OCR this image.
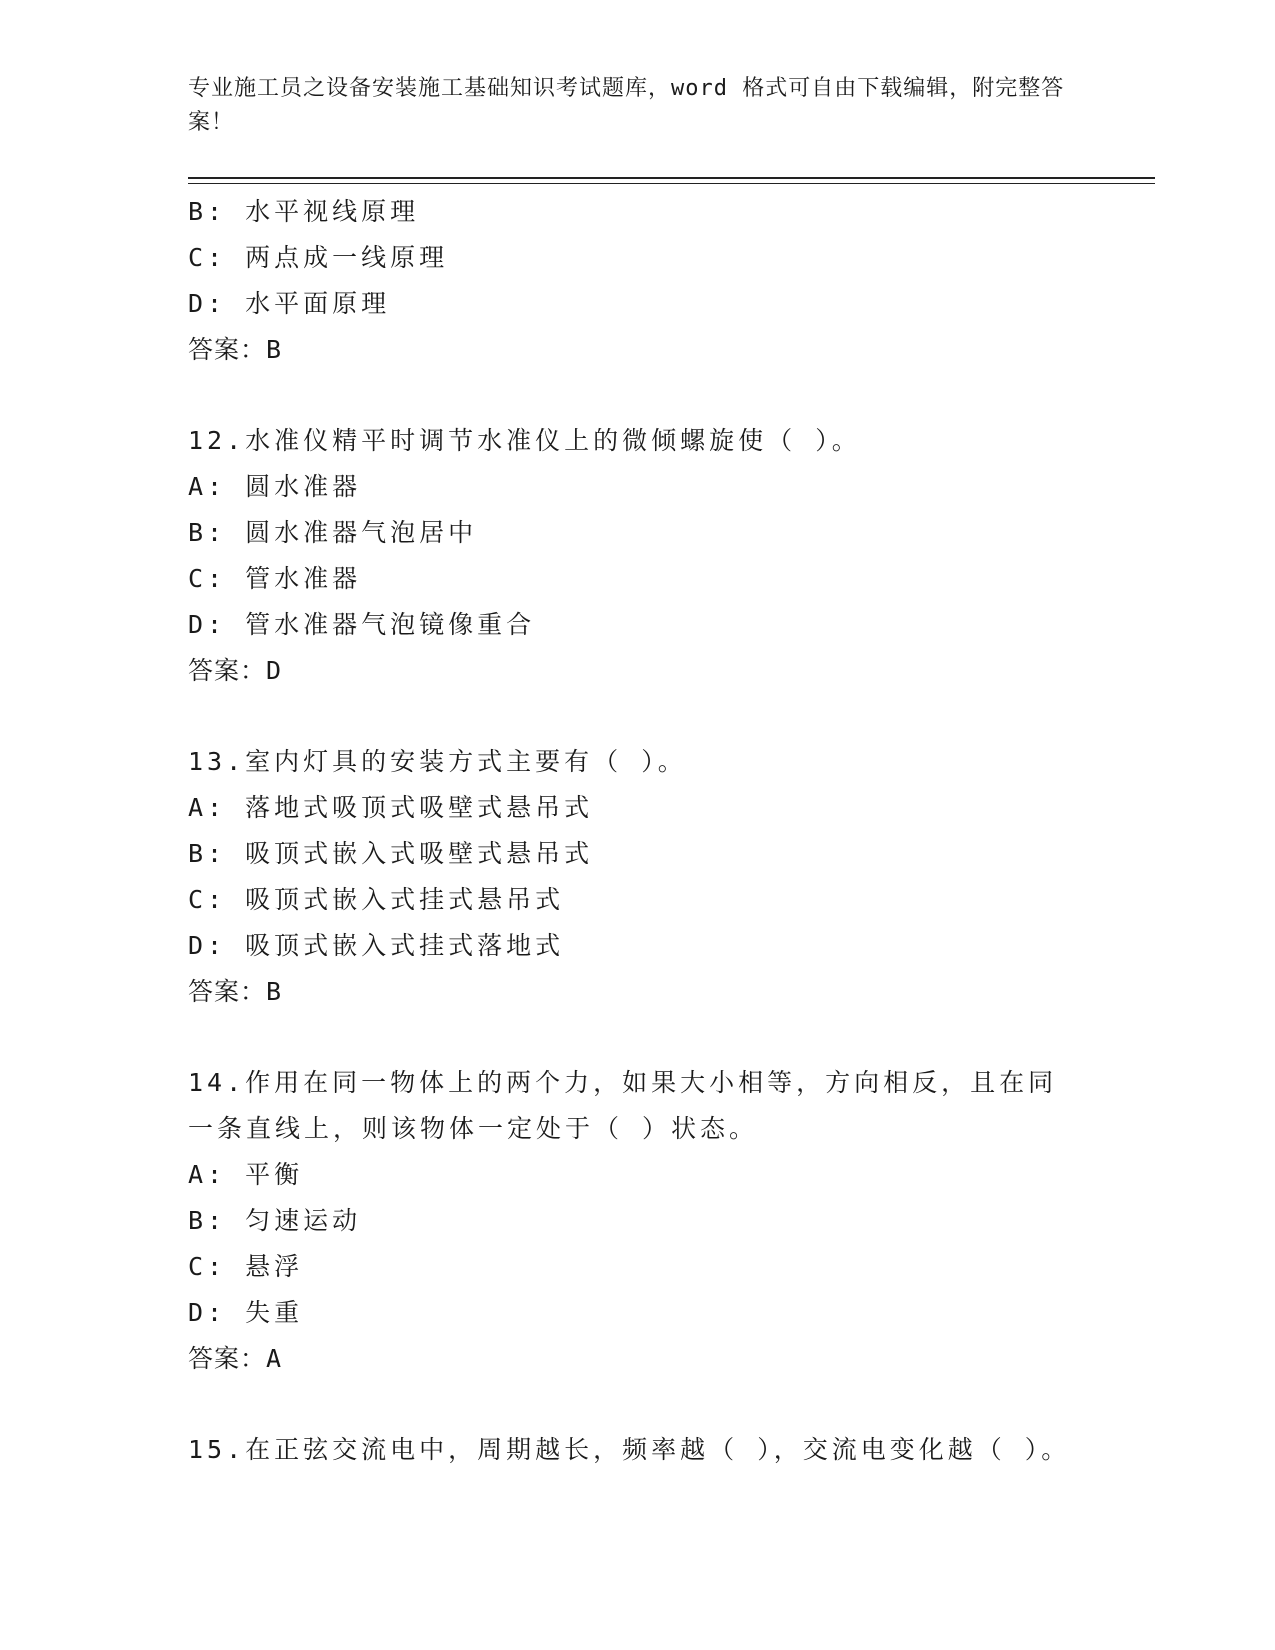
专业施工员之设备安装施工基础知识考试题库，word 格式可自由下载编辑，附完整答案！
B: 水平视线原理
C: 两点成一线原理
D: 水平面原理
答案：B
12.水准仪精平时调节水准仪上的微倾螺旋使（ ）。
A: 圆水准器
B: 圆水准器气泡居中
C: 管水准器
D: 管水准器气泡镜像重合
答案：D
13.室内灯具的安装方式主要有（ ）。
A: 落地式吸顶式吸壁式悬吊式
B: 吸顶式嵌入式吸壁式悬吊式
C: 吸顶式嵌入式挂式悬吊式
D: 吸顶式嵌入式挂式落地式
答案：B
14.作用在同一物体上的两个力，如果大小相等，方向相反，且在同一条直线上，则该物体一定处于（ ）状态。
A: 平衡
B: 匀速运动
C: 悬浮
D: 失重
答案：A
15.在正弦交流电中，周期越长，频率越（ ），交流电变化越（ ）。
